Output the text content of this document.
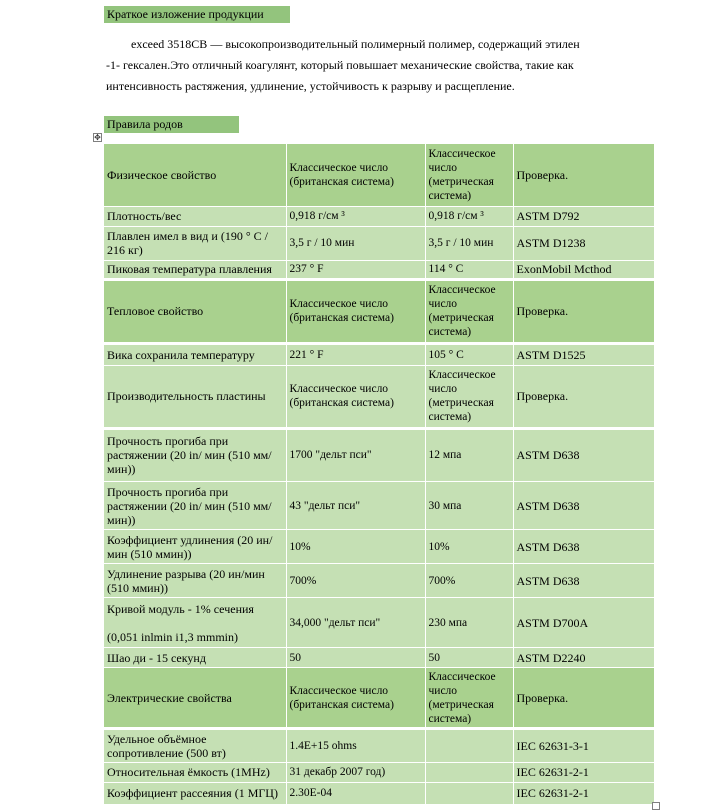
Краткое изложение продукции
exceed 3518CB — высокопроизводительный полимерный полимер, содержащий этилен
-1- гексален.Это отличный коагулянт, который повышает механические свойства, такие как
интенсивность растяжения, удлинение, устойчивость к разрыву и расщепление.
Правила родов
✥
Физическое свойство	Классическое число (британская система)	Классическое число (метрическая система)	Проверка.
Плотность/вес	0,918 г/см ³	0,918 г/см ³	ASTM D792
Плавлен имел в вид и (190 ° С / 216 кг)	3,5 г / 10 мин	3,5 г / 10 мин	ASTM D1238
Пиковая температура плавления	237 ° F	114 ° C	ExonMobil Mcthod

Тепловое свойство	Классическое число (британская система)	Классическое число (метрическая система)	Проверка.

Вика сохранила температуру	221 ° F	105 ° C	ASTM D1525
Производительность пластины	Классическое число (британская система)	Классическое число (метрическая система)	Проверка.

Прочность прогиба при растяжении (20 in/ мин (510 мм/мин))	1700 "дельт пси"	12 мпа	ASTM D638
Прочность прогиба при растяжении (20 in/ мин (510 мм/мин))	43 "дельт пси"	30 мпа	ASTM D638
Коэффициент удлинения (20 ин/мин (510 ммин))	10%	10%	ASTM D638
Удлинение разрыва (20 ин/мин (510 ммин))	700%	700%	ASTM D638
Кривой модуль - 1% сечения

(0,051 inlmin i1,3 mmmin)	34,000 "дельт пси"	230 мпа	ASTM D700A
Шао ди - 15 секунд	50	50	ASTM D2240
Электрические свойства	Классическое число (британская система)	Классическое число (метрическая система)	Проверка.

Удельное объёмное сопротивление (500 вт)	1.4Е+15 ohms		IEC 62631-3-1
Относительная ёмкость (1MHz)	31 декабр 2007 год)		IEC 62631-2-1
Коэффициент рассеяния (1 МГЦ)	2.30Е-04		IEC 62631-2-1
